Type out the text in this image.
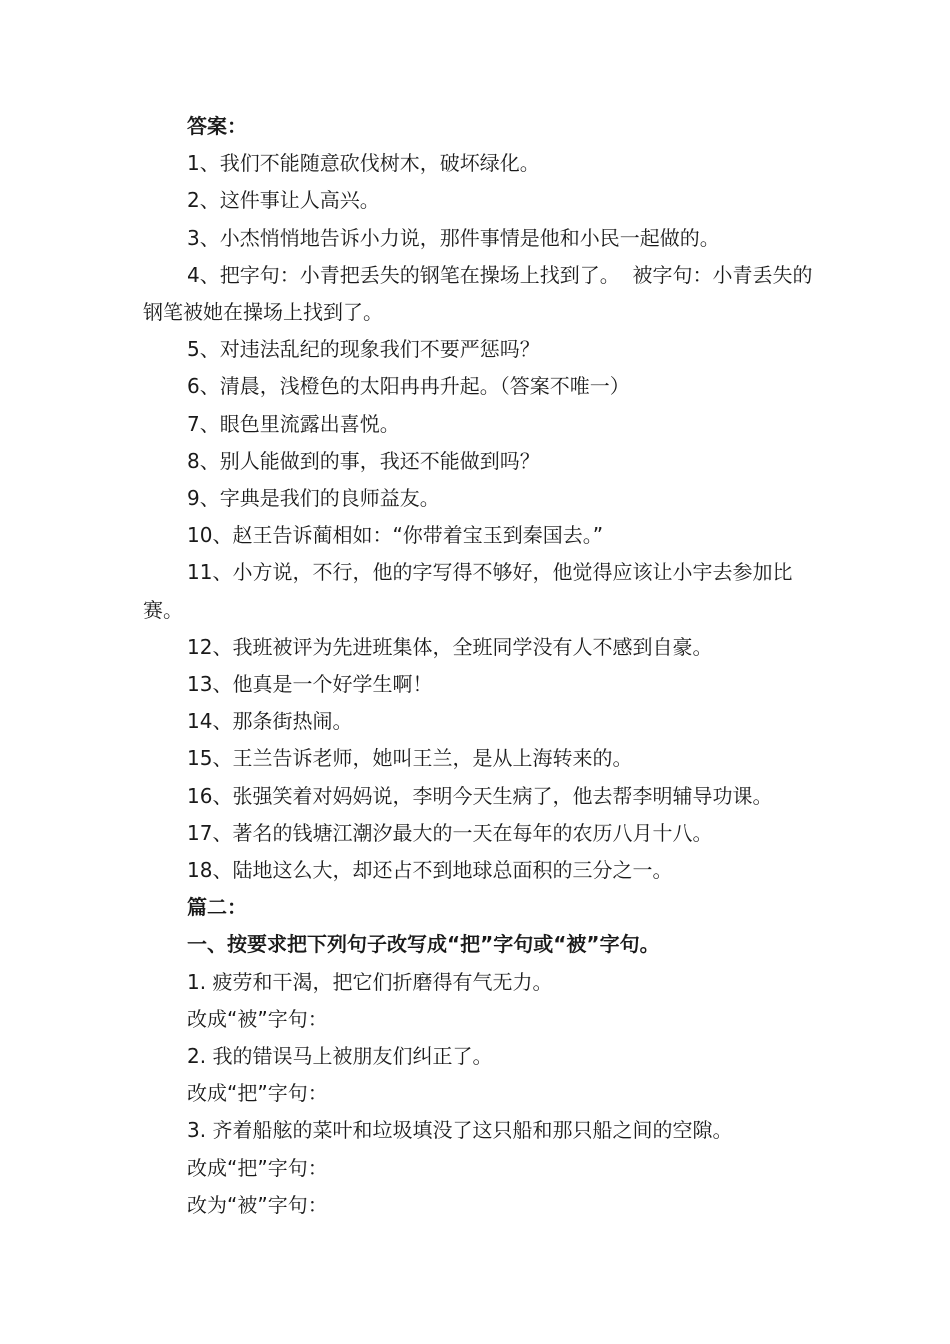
答案：

1、我们不能随意砍伐树木，破坏绿化。

2、这件事让人高兴。

3、小杰悄悄地告诉小力说，那件事情是他和小民一起做的。

4、把字句：小青把丢失的钢笔在操场上找到了。  被字句：小青丢失的钢笔被她在操场上找到了。

5、对违法乱纪的现象我们不要严惩吗？

6、清晨，浅橙色的太阳冉冉升起。（答案不唯一）

7、眼色里流露出喜悦。

8、别人能做到的事，我还不能做到吗？

9、字典是我们的良师益友。

10、赵王告诉蔺相如：“你带着宝玉到秦国去。”

11、小方说，不行，他的字写得不够好，他觉得应该让小宇去参加比赛。

12、我班被评为先进班集体，全班同学没有人不感到自豪。

13、他真是一个好学生啊！

14、那条街热闹。

15、王兰告诉老师，她叫王兰，是从上海转来的。

16、张强笑着对妈妈说，李明今天生病了，他去帮李明辅导功课。

17、著名的钱塘江潮汐最大的一天在每年的农历八月十八。

18、陆地这么大，却还占不到地球总面积的三分之一。

篇二：

一、按要求把下列句子改写成“把”字句或“被”字句。

1. 疲劳和干渴，把它们折磨得有气无力。

改成“被”字句：

2. 我的错误马上被朋友们纠正了。

改成“把”字句：

3. 齐着船舷的菜叶和垃圾填没了这只船和那只船之间的空隙。

改成“把”字句：

改为“被”字句：
